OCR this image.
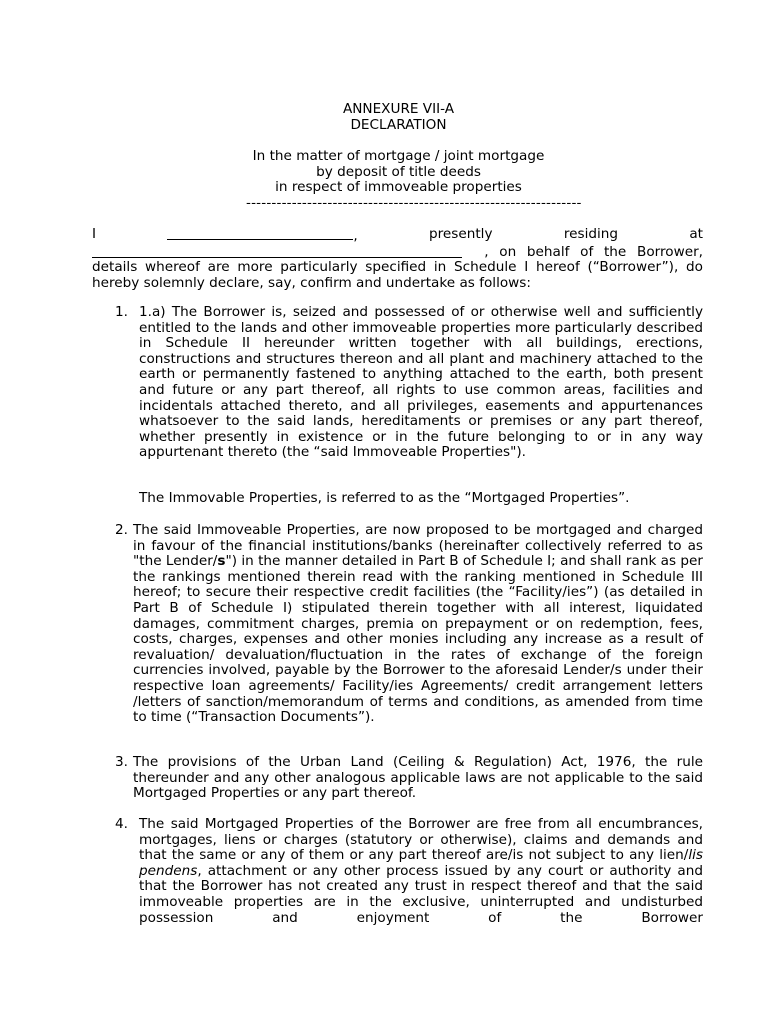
ANNEXURE VII-A
DECLARATION
In the matter of mortgage / joint mortgage
by deposit of title deeds
in respect of immoveable properties
------------------------------------------------------------------
I	,	presently	residing	at
, on behalf of the Borrower,
details whereof are more particularly specified in Schedule I hereof (“Borrower”), do
hereby solemnly declare, say, confirm and undertake as follows:
1. 1.a) The Borrower is, seized and possessed of or otherwise well and sufficiently entitled to the lands and other immoveable properties more particularly described in Schedule II hereunder written together with all buildings, erections, constructions and structures thereon and all plant and machinery attached to the earth or permanently fastened to anything attached to the earth, both present and future or any part thereof, all rights to use common areas, facilities and incidentals attached thereto, and all privileges, easements and appurtenances whatsoever to the said lands, hereditaments or premises or any part thereof, whether presently in existence or in the future belonging to or in any way appurtenant thereto (the “said Immoveable Properties").
The Immovable Properties, is referred to as the “Mortgaged Properties”.
2. The said Immoveable Properties, are now proposed to be mortgaged and charged in favour of the financial institutions/banks (hereinafter collectively referred to as "the Lender/s") in the manner detailed in Part B of Schedule I; and shall rank as per the rankings mentioned therein read with the ranking mentioned in Schedule III hereof; to secure their respective credit facilities (the “Facility/ies”) (as detailed in Part B of Schedule I) stipulated therein together with all interest, liquidated damages, commitment charges, premia on prepayment or on redemption, fees, costs, charges, expenses and other monies including any increase as a result of revaluation/ devaluation/fluctuation in the rates of exchange of the foreign currencies involved, payable by the Borrower to the aforesaid Lender/s under their respective loan agreements/ Facility/ies Agreements/ credit arrangement letters /letters of sanction/memorandum of terms and conditions, as amended from time to time (“Transaction Documents”).
3. The provisions of the Urban Land (Ceiling & Regulation) Act, 1976, the rule thereunder and any other analogous applicable laws are not applicable to the said Mortgaged Properties or any part thereof.
4. The said Mortgaged Properties of the Borrower are free from all encumbrances, mortgages, liens or charges (statutory or otherwise), claims and demands and that the same or any of them or any part thereof are/is not subject to any lien/lis pendens, attachment or any other process issued by any court or authority and that the Borrower has not created any trust in respect thereof and that the said immoveable properties are in the exclusive, uninterrupted and undisturbed possession and enjoyment of the Borrower
